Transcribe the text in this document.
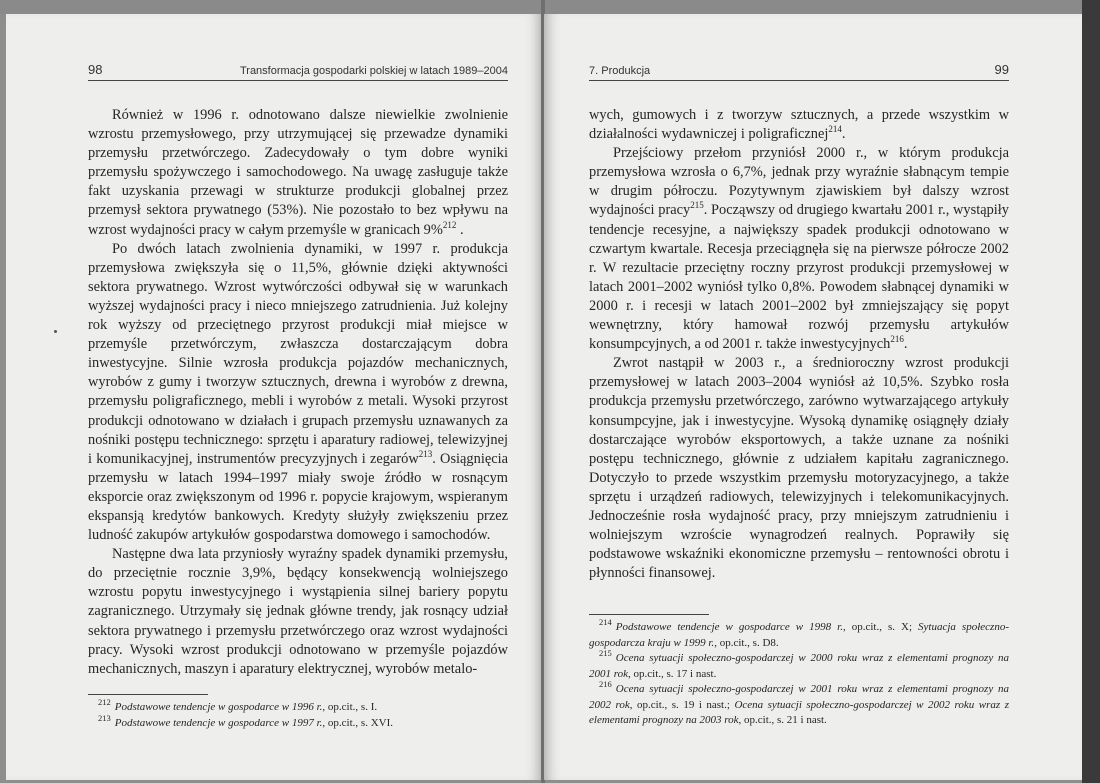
98	Transformacja gospodarki polskiej w latach 1989–2004

Również w 1996 r. odnotowano dalsze niewielkie zwolnienie wzrostu przemysłowego, przy utrzymującej się przewadze dynamiki przemysłu przetwórczego. Zadecydowały o tym dobre wyniki przemysłu spożywczego i samochodowego. Na uwagę zasługuje także fakt uzyskania przewagi w strukturze produkcji globalnej przez przemysł sektora prywatnego (53%). Nie pozostało to bez wpływu na wzrost wydajności pracy w całym przemyśle w granicach 9%$^{212}$ .

Po dwóch latach zwolnienia dynamiki, w 1997 r. produkcja przemysłowa zwiększyła się o 11,5%, głównie dzięki aktywności sektora prywatnego. Wzrost wytwórczości odbywał się w warunkach wyższej wydajności pracy i nieco mniejszego zatrudnienia. Już kolejny rok wyższy od przeciętnego przyrost produkcji miał miejsce w przemyśle przetwórczym, zwłaszcza dostarczającym dobra inwestycyjne. Silnie wzrosła produkcja pojazdów mechanicznych, wyrobów z gumy i tworzyw sztucznych, drewna i wyrobów z drewna, przemysłu poligraficznego, mebli i wyrobów z metali. Wysoki przyrost produkcji odnotowano w działach i grupach przemysłu uznawanych za nośniki postępu technicznego: sprzętu i aparatury radiowej, telewizyjnej i komunikacyjnej, instrumentów precyzyjnych i zegarów$^{213}$. Osiągnięcia przemysłu w latach 1994–1997 miały swoje źródło w rosnącym eksporcie oraz zwiększonym od 1996 r. popycie krajowym, wspieranym ekspansją kredytów bankowych. Kredyty służyły zwiększeniu przez ludność zakupów artykułów gospodarstwa domowego i samochodów.

Następne dwa lata przyniosły wyraźny spadek dynamiki przemysłu, do przeciętnie rocznie 3,9%, będący konsekwencją wolniejszego wzrostu popytu inwestycyjnego i wystąpienia silnej bariery popytu zagranicznego. Utrzymały się jednak główne trendy, jak rosnący udział sektora prywatnego i przemysłu przetwórczego oraz wzrost wydajności pracy. Wysoki wzrost produkcji odnotowano w przemyśle pojazdów mechanicznych, maszyn i aparatury elektrycznej, wyrobów metalo-

$^{212}$ Podstawowe tendencje w gospodarce w 1996 r., op.cit., s. I.

$^{213}$ Podstawowe tendencje w gospodarce w 1997 r., op.cit., s. XVI.

7. Produkcja	99

wych, gumowych i z tworzyw sztucznych, a przede wszystkim w działalności wydawniczej i poligraficznej$^{214}$.

Przejściowy przełom przyniósł 2000 r., w którym produkcja przemysłowa wzrosła o 6,7%, jednak przy wyraźnie słabnącym tempie w drugim półroczu. Pozytywnym zjawiskiem był dalszy wzrost wydajności pracy$^{215}$. Począwszy od drugiego kwartału 2001 r., wystąpiły tendencje recesyjne, a największy spadek produkcji odnotowano w czwartym kwartale. Recesja przeciągnęła się na pierwsze półrocze 2002 r. W rezultacie przeciętny roczny przyrost produkcji przemysłowej w latach 2001–2002 wyniósł tylko 0,8%. Powodem słabnącej dynamiki w 2000 r. i recesji w latach 2001–2002 był zmniejszający się popyt wewnętrzny, który hamował rozwój przemysłu artykułów konsumpcyjnych, a od 2001 r. także inwestycyjnych$^{216}$.

Zwrot nastąpił w 2003 r., a średnioroczny wzrost produkcji przemysłowej w latach 2003–2004 wyniósł aż 10,5%. Szybko rosła produkcja przemysłu przetwórczego, zarówno wytwarzającego artykuły konsumpcyjne, jak i inwestycyjne. Wysoką dynamikę osiągnęły działy dostarczające wyrobów eksportowych, a także uznane za nośniki postępu technicznego, głównie z udziałem kapitału zagranicznego. Dotyczyło to przede wszystkim przemysłu motoryzacyjnego, a także sprzętu i urządzeń radiowych, telewizyjnych i telekomunikacyjnych. Jednocześnie rosła wydajność pracy, przy mniejszym zatrudnieniu i wolniejszym wzroście wynagrodzeń realnych. Poprawiły się podstawowe wskaźniki ekonomiczne przemysłu – rentowności obrotu i płynności finansowej.

$^{214}$ Podstawowe tendencje w gospodarce w 1998 r., op.cit., s. X; Sytuacja społeczno-gospodarcza kraju w 1999 r., op.cit., s. D8.

$^{215}$ Ocena sytuacji społeczno-gospodarczej w 2000 roku wraz z elementami prognozy na 2001 rok, op.cit., s. 17 i nast.

$^{216}$ Ocena sytuacji społeczno-gospodarczej w 2001 roku wraz z elementami prognozy na 2002 rok, op.cit., s. 19 i nast.; Ocena sytuacji społeczno-gospodarczej w 2002 roku wraz z elementami prognozy na 2003 rok, op.cit., s. 21 i nast.
